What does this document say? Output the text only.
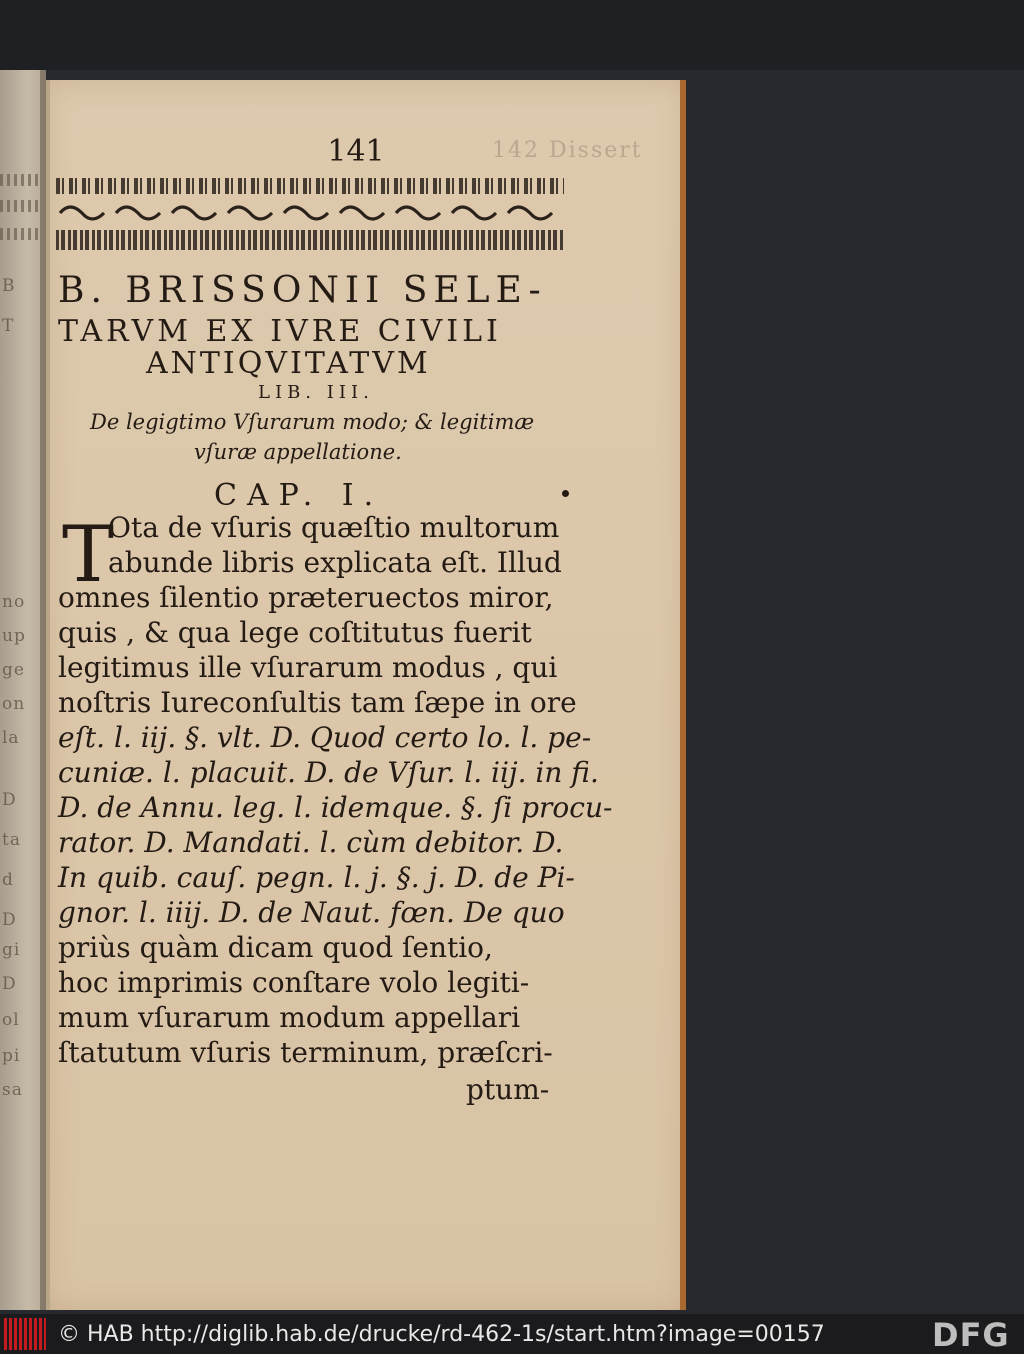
B
T
no
up
ge
on
la
D
ta
d
D
gi
D
ol
pi
sa
142 Dissert
141
B. BRISSONII SELE-
TARVM EX IVRE CIVILI
ANTIQVITATVM
LIB. III.
De legigtimo Vſurarum modo; & legitimæ
vſuræ appellatione.
CAP. I.
T
Ota de vſuris quæſtio multorum
abunde libris explicata eſt. Illud
omnes ſilentio præteruectos miror,
quis , & qua lege coſtitutus fuerit
legitimus ille vſurarum modus , qui
noſtris Iureconſultis tam ſæpe in ore
eſt. l. iij. §. vlt. D. Quod certo lo. l. pe-
cuniæ. l. placuit. D. de Vſur. l. iij. in fi.
D. de Annu. leg. l. idemque. §. ſi procu-
rator. D. Mandati. l. cùm debitor. D.
In quib. cauſ. pegn. l. j. §. j. D. de Pi-
gnor. l. iiij. D. de Naut. fœn. De quo
priùs quàm dicam quod ſentio,
hoc imprimis conſtare volo legiti-
mum vſurarum modum appellari
ſtatutum vſuris terminum, præſcri-
ptum-
© HAB http://diglib.hab.de/drucke/rd-462-1s/start.htm?image=00157	DFG
